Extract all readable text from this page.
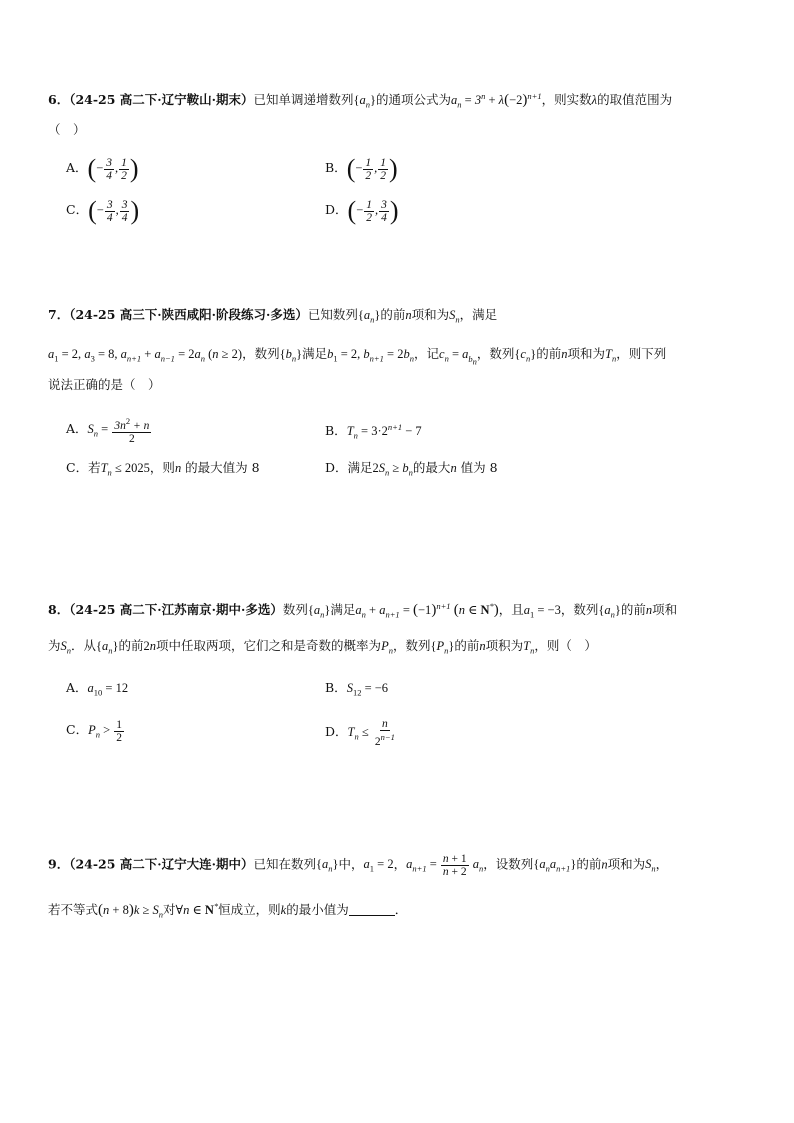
6．（24-25 高二下·辽宁鞍山·期末）已知单调递增数列$\{a_n\}$的通项公式为$a_n = 3^n + \lambda(-2)^{n+1}$，则实数λ的取值范围为
（　）
A．(− $\frac{3}{4}$ , $\frac{1}{2}$ )	B．(− $\frac{1}{2}$ , $\frac{1}{2}$ )
C．(− $\frac{3}{4}$ , $\frac{3}{4}$ )	D．(− $\frac{1}{2}$ , $\frac{3}{4}$ )
7．（24-25 高三下·陕西咸阳·阶段练习·多选）已知数列$\{a_n\}$的前n项和为$S_n$，满足
$a_1 = 2$, $a_3 = 8$, $a_{n+1} + a_{n-1} = 2a_n$ (n ≥ 2)，数列$\{b_n\}$满足$b_1 = 2$, $b_{n+1} = 2b_n$，记$c_n = a_{b_n}$，数列$\{c_n\}$的前n项和为$T_n$，则下列
说法正确的是（　）
A．$S_n = \frac{3n^2 + n}{2}$	B．$T_n = 3\cdot 2^{n+1} - 7$
C．若$T_n \le 2025$，则n 的最大值为 8	D．满足$2S_n \ge b_n$的最大n 值为 8
8．（24-25 高二下·江苏南京·期中·多选）数列$\{a_n\}$满足$a_n + a_{n+1} = (-1)^{n+1}$ (n ∈ N*)，且$a_1 = -3$，数列$\{a_n\}$的前n项和
为$S_n$．从$\{a_n\}$的前2n项中任取两项，它们之和是奇数的概率为$P_n$，数列$\{P_n\}$的前n项积为$T_n$，则（　）
A．$a_{10} = 12$	B．$S_{12} = -6$
C．$P_n > \frac{1}{2}$	D．$T_n \le \frac{n}{2^{n-1}}$
9．（24-25 高二下·辽宁大连·期中）已知在数列$\{a_n\}$中，$a_1 = 2$，$a_{n+1} = \frac{n + 1}{n + 2} a_n$，设数列$\{a_na_{n+1}\}$的前n项和为$S_n$，
若不等式$(n + 8)k \ge S_n$对∀n ∈ N*恒成立，则k的最小值为	．
